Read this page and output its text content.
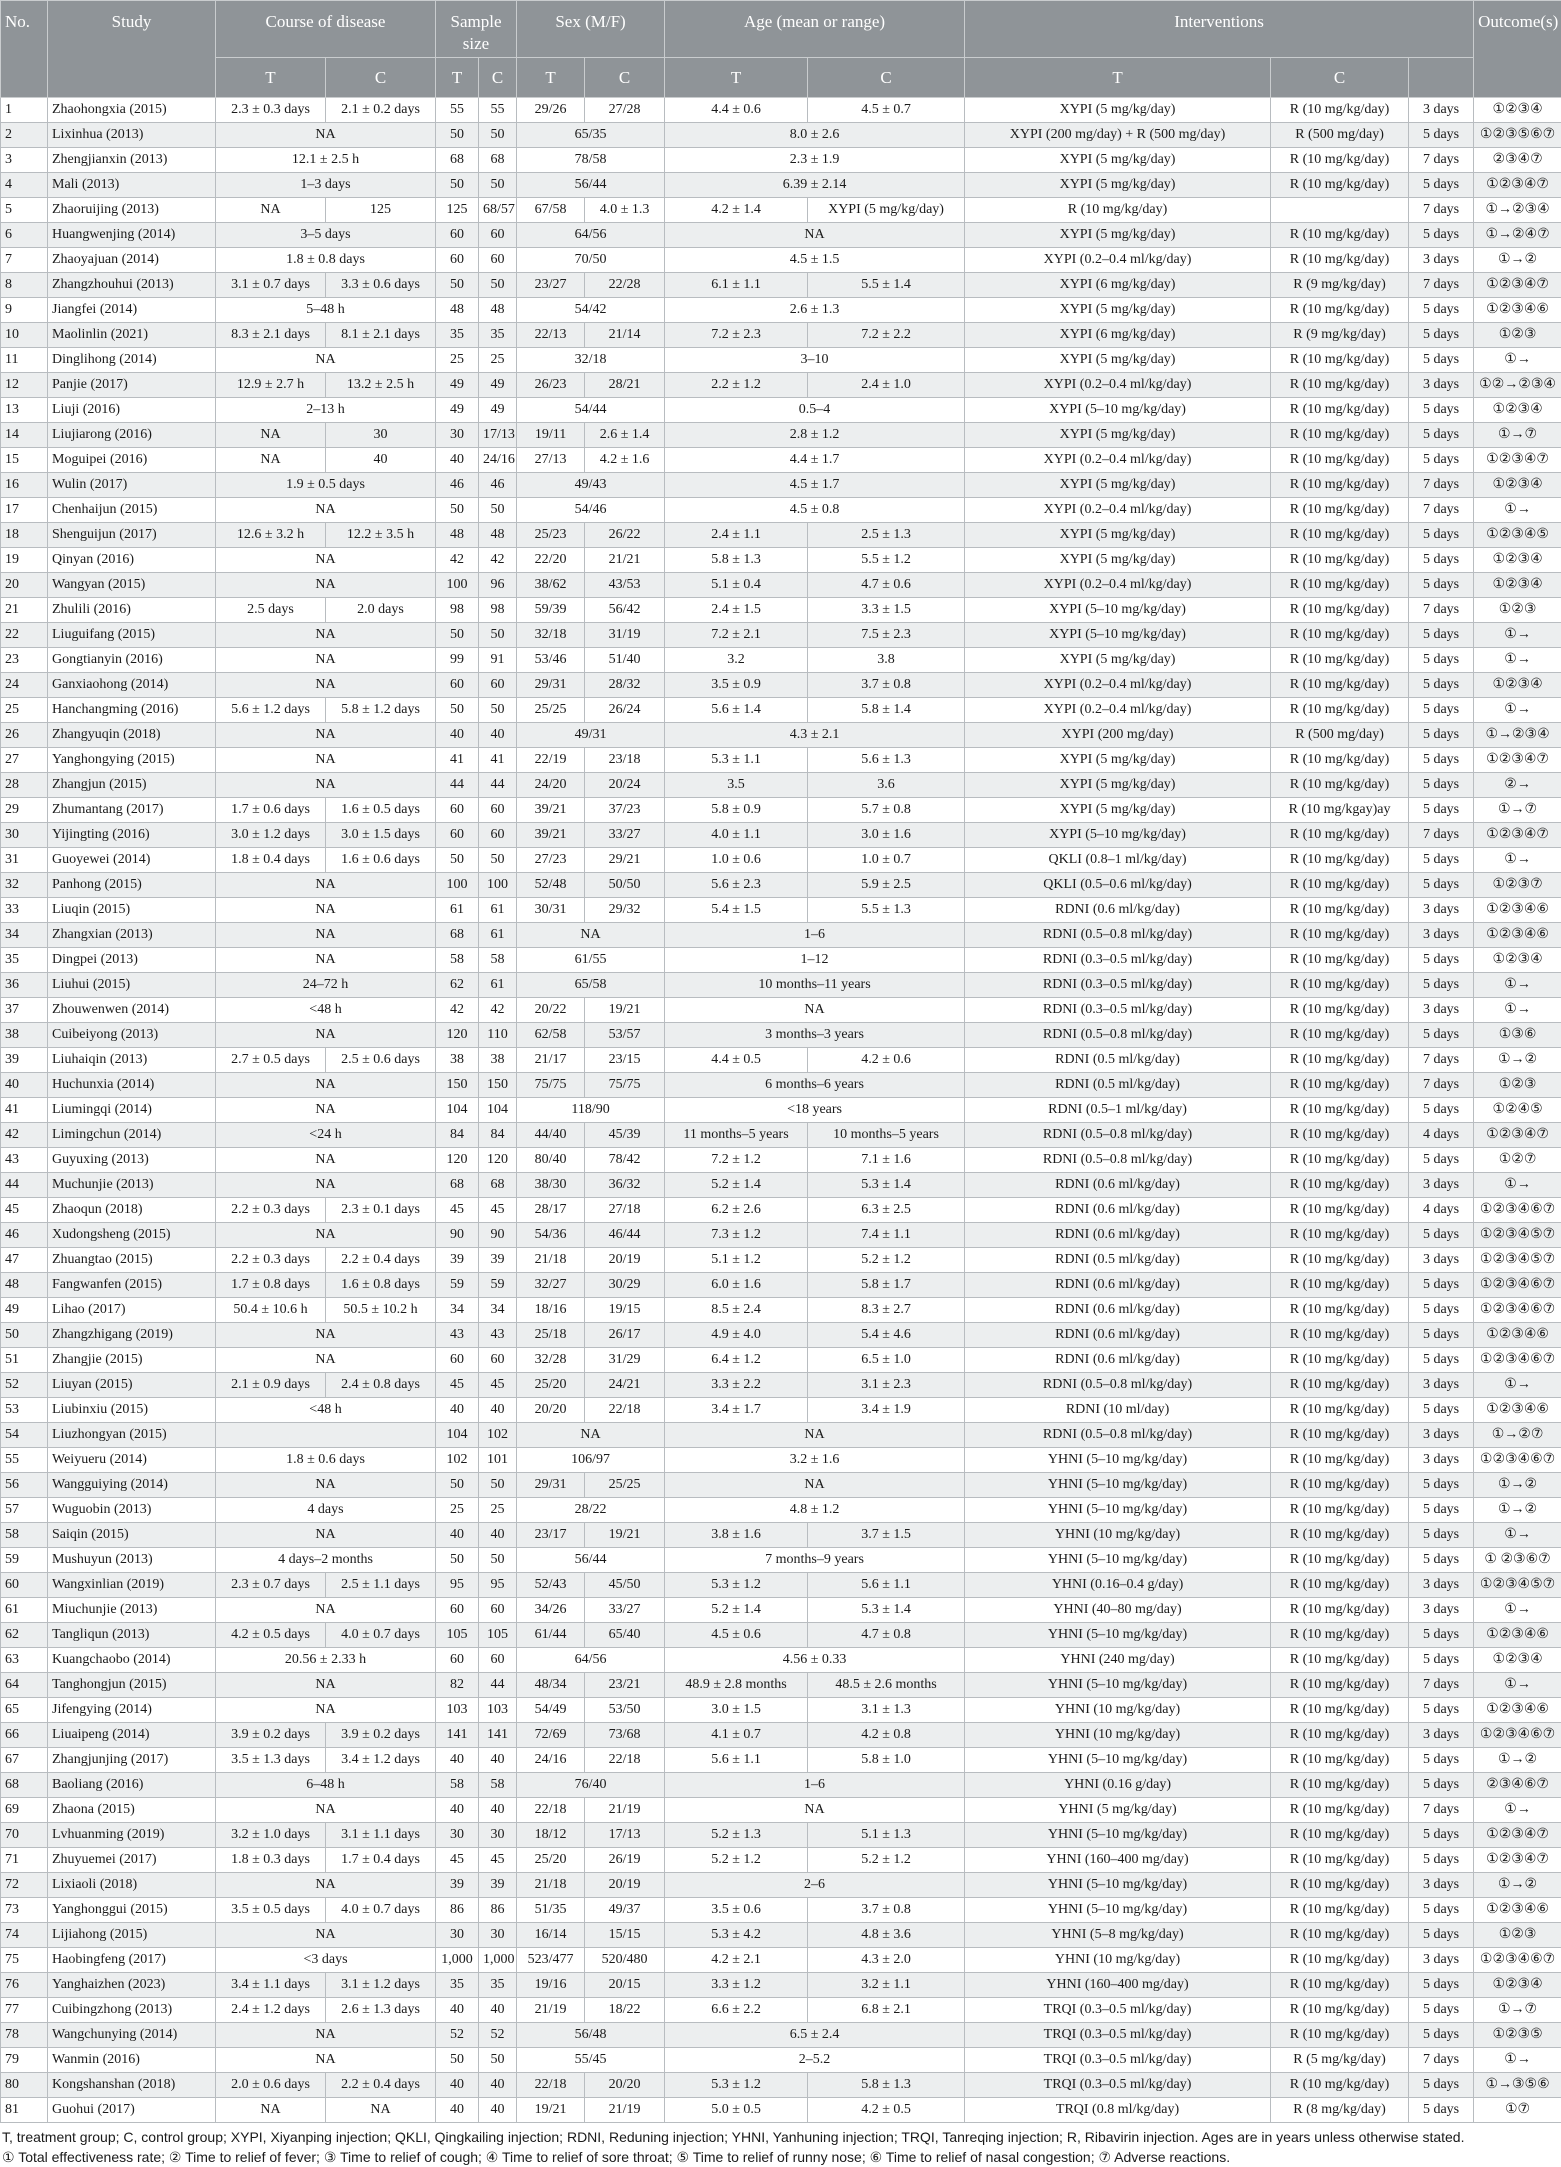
No.	Study	Course of disease		Sample size		Sex (M/F)		Age (mean or range)		Interventions			Outcome(s)
		T	C	T	C	T	C	T	C	T	C		
1	Zhaohongxia (2015)	2.3 ± 0.3 days	2.1 ± 0.2 days	55	55	29/26	27/28	4.4 ± 0.6	4.5 ± 0.7	XYPI (5 mg/kg/day)	R (10 mg/kg/day)	3 days	①②③④
2	Lixinhua (2013)	NA		50	50	65/35		8.0 ± 2.6		XYPI (200 mg/day) + R (500 mg/day)	R (500 mg/day)	5 days	①②③⑤⑥⑦
3	Zhengjianxin (2013)	12.1 ± 2.5 h		68	68	78/58		2.3 ± 1.9		XYPI (5 mg/kg/day)	R (10 mg/kg/day)	7 days	②③④⑦
4	Mali (2013)	1–3 days		50	50	56/44		6.39 ± 2.14		XYPI (5 mg/kg/day)	R (10 mg/kg/day)	5 days	①②③④⑦
5	Zhaoruijing (2013)	NA	125	125	68/57	67/58	4.0 ± 1.3	4.2 ± 1.4	XYPI (5 mg/kg/day)	R (10 mg/kg/day)		7 days	①→②③④
6	Huangwenjing (2014)	3–5 days		60	60	64/56		NA		XYPI (5 mg/kg/day)	R (10 mg/kg/day)	5 days	①→②④⑦
7	Zhaoyajuan (2014)	1.8 ± 0.8 days		60	60	70/50		4.5 ± 1.5		XYPI (0.2–0.4 ml/kg/day)	R (10 mg/kg/day)	3 days	①→②
8	Zhangzhouhui (2013)	3.1 ± 0.7 days	3.3 ± 0.6 days	50	50	23/27	22/28	6.1 ± 1.1	5.5 ± 1.4	XYPI (6 mg/kg/day)	R (9 mg/kg/day)	7 days	①②③④⑦
9	Jiangfei (2014)	5–48 h		48	48	54/42		2.6 ± 1.3		XYPI (5 mg/kg/day)	R (10 mg/kg/day)	5 days	①②③④⑥
10	Maolinlin (2021)	8.3 ± 2.1 days	8.1 ± 2.1 days	35	35	22/13	21/14	7.2 ± 2.3	7.2 ± 2.2	XYPI (6 mg/kg/day)	R (9 mg/kg/day)	5 days	①②③
11	Dinglihong (2014)	NA		25	25	32/18		3–10		XYPI (5 mg/kg/day)	R (10 mg/kg/day)	5 days	①→
12	Panjie (2017)	12.9 ± 2.7 h	13.2 ± 2.5 h	49	49	26/23	28/21	2.2 ± 1.2	2.4 ± 1.0	XYPI (0.2–0.4 ml/kg/day)	R (10 mg/kg/day)	3 days	①②→②③④
13	Liuji (2016)	2–13 h		49	49	54/44		0.5–4		XYPI (5–10 mg/kg/day)	R (10 mg/kg/day)	5 days	①②③④
14	Liujiarong (2016)	NA	30	30	17/13	19/11	2.6 ± 1.4	2.8 ± 1.2		XYPI (5 mg/kg/day)	R (10 mg/kg/day)	5 days	①→⑦
15	Moguipei (2016)	NA	40	40	24/16	27/13	4.2 ± 1.6	4.4 ± 1.7		XYPI (0.2–0.4 ml/kg/day)	R (10 mg/kg/day)	5 days	①②③④⑦
16	Wulin (2017)	1.9 ± 0.5 days		46	46	49/43		4.5 ± 1.7		XYPI (5 mg/kg/day)	R (10 mg/kg/day)	7 days	①②③④
17	Chenhaijun (2015)	NA		50	50	54/46		4.5 ± 0.8		XYPI (0.2–0.4 ml/kg/day)	R (10 mg/kg/day)	7 days	①→
18	Shenguijun (2017)	12.6 ± 3.2 h	12.2 ± 3.5 h	48	48	25/23	26/22	2.4 ± 1.1	2.5 ± 1.3	XYPI (5 mg/kg/day)	R (10 mg/kg/day)	5 days	①②③④⑤
19	Qinyan (2016)	NA		42	42	22/20	21/21	5.8 ± 1.3	5.5 ± 1.2	XYPI (5 mg/kg/day)	R (10 mg/kg/day)	5 days	①②③④
20	Wangyan (2015)	NA		100	96	38/62	43/53	5.1 ± 0.4	4.7 ± 0.6	XYPI (0.2–0.4 ml/kg/day)	R (10 mg/kg/day)	5 days	①②③④
21	Zhulili (2016)	2.5 days	2.0 days	98	98	59/39	56/42	2.4 ± 1.5	3.3 ± 1.5	XYPI (5–10 mg/kg/day)	R (10 mg/kg/day)	7 days	①②③
22	Liuguifang (2015)	NA		50	50	32/18	31/19	7.2 ± 2.1	7.5 ± 2.3	XYPI (5–10 mg/kg/day)	R (10 mg/kg/day)	5 days	①→
23	Gongtianyin (2016)	NA		99	91	53/46	51/40	3.2	3.8	XYPI (5 mg/kg/day)	R (10 mg/kg/day)	5 days	①→
24	Ganxiaohong (2014)	NA		60	60	29/31	28/32	3.5 ± 0.9	3.7 ± 0.8	XYPI (0.2–0.4 ml/kg/day)	R (10 mg/kg/day)	5 days	①②③④
25	Hanchangming (2016)	5.6 ± 1.2 days	5.8 ± 1.2 days	50	50	25/25	26/24	5.6 ± 1.4	5.8 ± 1.4	XYPI (0.2–0.4 ml/kg/day)	R (10 mg/kg/day)	5 days	①→
26	Zhangyuqin (2018)	NA		40	40	49/31		4.3 ± 2.1		XYPI (200 mg/day)	R (500 mg/day)	5 days	①→②③④
27	Yanghongying (2015)	NA		41	41	22/19	23/18	5.3 ± 1.1	5.6 ± 1.3	XYPI (5 mg/kg/day)	R (10 mg/kg/day)	5 days	①②③④⑦
28	Zhangjun (2015)	NA		44	44	24/20	20/24	3.5	3.6	XYPI (5 mg/kg/day)	R (10 mg/kg/day)	5 days	②→
29	Zhumantang (2017)	1.7 ± 0.6 days	1.6 ± 0.5 days	60	60	39/21	37/23	5.8 ± 0.9	5.7 ± 0.8	XYPI (5 mg/kg/day)	R (10 mg/kgay)ay	5 days	①→⑦
30	Yijingting (2016)	3.0 ± 1.2 days	3.0 ± 1.5 days	60	60	39/21	33/27	4.0 ± 1.1	3.0 ± 1.6	XYPI (5–10 mg/kg/day)	R (10 mg/kg/day)	7 days	①②③④⑦
31	Guoyewei (2014)	1.8 ± 0.4 days	1.6 ± 0.6 days	50	50	27/23	29/21	1.0 ± 0.6	1.0 ± 0.7	QKLI (0.8–1 ml/kg/day)	R (10 mg/kg/day)	5 days	①→
32	Panhong (2015)	NA		100	100	52/48	50/50	5.6 ± 2.3	5.9 ± 2.5	QKLI (0.5–0.6 ml/kg/day)	R (10 mg/kg/day)	5 days	①②③⑦
33	Liuqin (2015)	NA		61	61	30/31	29/32	5.4 ± 1.5	5.5 ± 1.3	RDNI (0.6 ml/kg/day)	R (10 mg/kg/day)	3 days	①②③④⑥
34	Zhangxian (2013)	NA		68	61	NA		1–6		RDNI (0.5–0.8 ml/kg/day)	R (10 mg/kg/day)	3 days	①②③④⑥
35	Dingpei (2013)	NA		58	58	61/55		1–12		RDNI (0.3–0.5 ml/kg/day)	R (10 mg/kg/day)	5 days	①②③④
36	Liuhui (2015)	24–72 h		62	61	65/58		10 months–11 years		RDNI (0.3–0.5 ml/kg/day)	R (10 mg/kg/day)	5 days	①→
37	Zhouwenwen (2014)	<48 h		42	42	20/22	19/21	NA		RDNI (0.3–0.5 ml/kg/day)	R (10 mg/kg/day)	3 days	①→
38	Cuibeiyong (2013)	NA		120	110	62/58	53/57	3 months–3 years		RDNI (0.5–0.8 ml/kg/day)	R (10 mg/kg/day)	5 days	①③⑥
39	Liuhaiqin (2013)	2.7 ± 0.5 days	2.5 ± 0.6 days	38	38	21/17	23/15	4.4 ± 0.5	4.2 ± 0.6	RDNI (0.5 ml/kg/day)	R (10 mg/kg/day)	7 days	①→②
40	Huchunxia (2014)	NA		150	150	75/75	75/75	6 months–6 years		RDNI (0.5 ml/kg/day)	R (10 mg/kg/day)	7 days	①②③
41	Liumingqi (2014)	NA		104	104	118/90		<18 years		RDNI (0.5–1 ml/kg/day)	R (10 mg/kg/day)	5 days	①②④⑤
42	Limingchun (2014)	<24 h		84	84	44/40	45/39	11 months–5 years	10 months–5 years	RDNI (0.5–0.8 ml/kg/day)	R (10 mg/kg/day)	4 days	①②③④⑦
43	Guyuxing (2013)	NA		120	120	80/40	78/42	7.2 ± 1.2	7.1 ± 1.6	RDNI (0.5–0.8 ml/kg/day)	R (10 mg/kg/day)	5 days	①②⑦
44	Muchunjie (2013)	NA		68	68	38/30	36/32	5.2 ± 1.4	5.3 ± 1.4	RDNI (0.6 ml/kg/day)	R (10 mg/kg/day)	3 days	①→
45	Zhaoqun (2018)	2.2 ± 0.3 days	2.3 ± 0.1 days	45	45	28/17	27/18	6.2 ± 2.6	6.3 ± 2.5	RDNI (0.6 ml/kg/day)	R (10 mg/kg/day)	4 days	①②③④⑥⑦
46	Xudongsheng (2015)	NA		90	90	54/36	46/44	7.3 ± 1.2	7.4 ± 1.1	RDNI (0.6 ml/kg/day)	R (10 mg/kg/day)	5 days	①②③④⑤⑦
47	Zhuangtao (2015)	2.2 ± 0.3 days	2.2 ± 0.4 days	39	39	21/18	20/19	5.1 ± 1.2	5.2 ± 1.2	RDNI (0.5 ml/kg/day)	R (10 mg/kg/day)	3 days	①②③④⑤⑦
48	Fangwanfen (2015)	1.7 ± 0.8 days	1.6 ± 0.8 days	59	59	32/27	30/29	6.0 ± 1.6	5.8 ± 1.7	RDNI (0.6 ml/kg/day)	R (10 mg/kg/day)	5 days	①②③④⑥⑦
49	Lihao (2017)	50.4 ± 10.6 h	50.5 ± 10.2 h	34	34	18/16	19/15	8.5 ± 2.4	8.3 ± 2.7	RDNI (0.6 ml/kg/day)	R (10 mg/kg/day)	5 days	①②③④⑥⑦
50	Zhangzhigang (2019)	NA		43	43	25/18	26/17	4.9 ± 4.0	5.4 ± 4.6	RDNI (0.6 ml/kg/day)	R (10 mg/kg/day)	5 days	①②③④⑥
51	Zhangjie (2015)	NA		60	60	32/28	31/29	6.4 ± 1.2	6.5 ± 1.0	RDNI (0.6 ml/kg/day)	R (10 mg/kg/day)	5 days	①②③④⑥⑦
52	Liuyan (2015)	2.1 ± 0.9 days	2.4 ± 0.8 days	45	45	25/20	24/21	3.3 ± 2.2	3.1 ± 2.3	RDNI (0.5–0.8 ml/kg/day)	R (10 mg/kg/day)	3 days	①→
53	Liubinxiu (2015)	<48 h		40	40	20/20	22/18	3.4 ± 1.7	3.4 ± 1.9	RDNI (10 ml/day)	R (10 mg/kg/day)	5 days	①②③④⑥
54	Liuzhongyan (2015)			104	102	NA		NA		RDNI (0.5–0.8 ml/kg/day)	R (10 mg/kg/day)	3 days	①→②⑦
55	Weiyueru (2014)	1.8 ± 0.6 days		102	101	106/97		3.2 ± 1.6		YHNI (5–10 mg/kg/day)	R (10 mg/kg/day)	3 days	①②③④⑥⑦
56	Wangguiying (2014)	NA		50	50	29/31	25/25	NA		YHNI (5–10 mg/kg/day)	R (10 mg/kg/day)	5 days	①→②
57	Wuguobin (2013)	4 days		25	25	28/22		4.8 ± 1.2		YHNI (5–10 mg/kg/day)	R (10 mg/kg/day)	5 days	①→②
58	Saiqin (2015)	NA		40	40	23/17	19/21	3.8 ± 1.6	3.7 ± 1.5	YHNI (10 mg/kg/day)	R (10 mg/kg/day)	5 days	①→
59	Mushuyun (2013)	4 days–2 months		50	50	56/44		7 months–9 years		YHNI (5–10 mg/kg/day)	R (10 mg/kg/day)	5 days	① ②③⑥⑦
60	Wangxinlian (2019)	2.3 ± 0.7 days	2.5 ± 1.1 days	95	95	52/43	45/50	5.3 ± 1.2	5.6 ± 1.1	YHNI (0.16–0.4 g/day)	R (10 mg/kg/day)	3 days	①②③④⑤⑦
61	Miuchunjie (2013)	NA		60	60	34/26	33/27	5.2 ± 1.4	5.3 ± 1.4	YHNI (40–80 mg/day)	R (10 mg/kg/day)	3 days	①→
62	Tangliqun (2013)	4.2 ± 0.5 days	4.0 ± 0.7 days	105	105	61/44	65/40	4.5 ± 0.6	4.7 ± 0.8	YHNI (5–10 mg/kg/day)	R (10 mg/kg/day)	5 days	①②③④⑥
63	Kuangchaobo (2014)	20.56 ± 2.33 h		60	60	64/56		4.56 ± 0.33		YHNI (240 mg/day)	R (10 mg/kg/day)	5 days	①②③④
64	Tanghongjun (2015)	NA		82	44	48/34	23/21	48.9 ± 2.8 months	48.5 ± 2.6 months	YHNI (5–10 mg/kg/day)	R (10 mg/kg/day)	7 days	①→
65	Jifengying (2014)	NA		103	103	54/49	53/50	3.0 ± 1.5	3.1 ± 1.3	YHNI (10 mg/kg/day)	R (10 mg/kg/day)	5 days	①②③④⑥
66	Liuaipeng (2014)	3.9 ± 0.2 days	3.9 ± 0.2 days	141	141	72/69	73/68	4.1 ± 0.7	4.2 ± 0.8	YHNI (10 mg/kg/day)	R (10 mg/kg/day)	3 days	①②③④⑥⑦
67	Zhangjunjing (2017)	3.5 ± 1.3 days	3.4 ± 1.2 days	40	40	24/16	22/18	5.6 ± 1.1	5.8 ± 1.0	YHNI (5–10 mg/kg/day)	R (10 mg/kg/day)	5 days	①→②
68	Baoliang (2016)	6–48 h		58	58	76/40		1–6		YHNI (0.16 g/day)	R (10 mg/kg/day)	5 days	②③④⑥⑦
69	Zhaona (2015)	NA		40	40	22/18	21/19	NA		YHNI (5 mg/kg/day)	R (10 mg/kg/day)	7 days	①→
70	Lvhuanming (2019)	3.2 ± 1.0 days	3.1 ± 1.1 days	30	30	18/12	17/13	5.2 ± 1.3	5.1 ± 1.3	YHNI (5–10 mg/kg/day)	R (10 mg/kg/day)	5 days	①②③④⑦
71	Zhuyuemei (2017)	1.8 ± 0.3 days	1.7 ± 0.4 days	45	45	25/20	26/19	5.2 ± 1.2	5.2 ± 1.2	YHNI (160–400 mg/day)	R (10 mg/kg/day)	5 days	①②③④⑦
72	Lixiaoli (2018)	NA		39	39	21/18	20/19	2–6		YHNI (5–10 mg/kg/day)	R (10 mg/kg/day)	3 days	①→②
73	Yanghonggui (2015)	3.5 ± 0.5 days	4.0 ± 0.7 days	86	86	51/35	49/37	3.5 ± 0.6	3.7 ± 0.8	YHNI (5–10 mg/kg/day)	R (10 mg/kg/day)	5 days	①②③④⑥
74	Lijiahong (2015)	NA		30	30	16/14	15/15	5.3 ± 4.2	4.8 ± 3.6	YHNI (5–8 mg/kg/day)	R (10 mg/kg/day)	5 days	①②③
75	Haobingfeng (2017)	<3 days		1,000	1,000	523/477	520/480	4.2 ± 2.1	4.3 ± 2.0	YHNI (10 mg/kg/day)	R (10 mg/kg/day)	3 days	①②③④⑥⑦
76	Yanghaizhen (2023)	3.4 ± 1.1 days	3.1 ± 1.2 days	35	35	19/16	20/15	3.3 ± 1.2	3.2 ± 1.1	YHNI (160–400 mg/day)	R (10 mg/kg/day)	5 days	①②③④
77	Cuibingzhong (2013)	2.4 ± 1.2 days	2.6 ± 1.3 days	40	40	21/19	18/22	6.6 ± 2.2	6.8 ± 2.1	TRQI (0.3–0.5 ml/kg/day)	R (10 mg/kg/day)	5 days	①→⑦
78	Wangchunying (2014)	NA		52	52	56/48		6.5 ± 2.4		TRQI (0.3–0.5 ml/kg/day)	R (10 mg/kg/day)	5 days	①②③⑤
79	Wanmin (2016)	NA		50	50	55/45		2–5.2		TRQI (0.3–0.5 ml/kg/day)	R (5 mg/kg/day)	7 days	①→
80	Kongshanshan (2018)	2.0 ± 0.6 days	2.2 ± 0.4 days	40	40	22/18	20/20	5.3 ± 1.2	5.8 ± 1.3	TRQI (0.3–0.5 ml/kg/day)	R (10 mg/kg/day)	5 days	①→③⑤⑥
81	Guohui (2017)	NA	NA	40	40	19/21	21/19	5.0 ± 0.5	4.2 ± 0.5	TRQI (0.8 ml/kg/day)	R (8 mg/kg/day)	5 days	①⑦
T, treatment group; C, control group; XYPI, Xiyanping injection; QKLI, Qingkailing injection; RDNI, Reduning injection; YHNI, Yanhuning injection; TRQI, Tanreqing injection; R, Ribavirin injection. Ages are in years unless otherwise stated.
① Total effectiveness rate; ② Time to relief of fever; ③ Time to relief of cough; ④ Time to relief of sore throat; ⑤ Time to relief of runny nose; ⑥ Time to relief of nasal congestion; ⑦ Adverse reactions.
